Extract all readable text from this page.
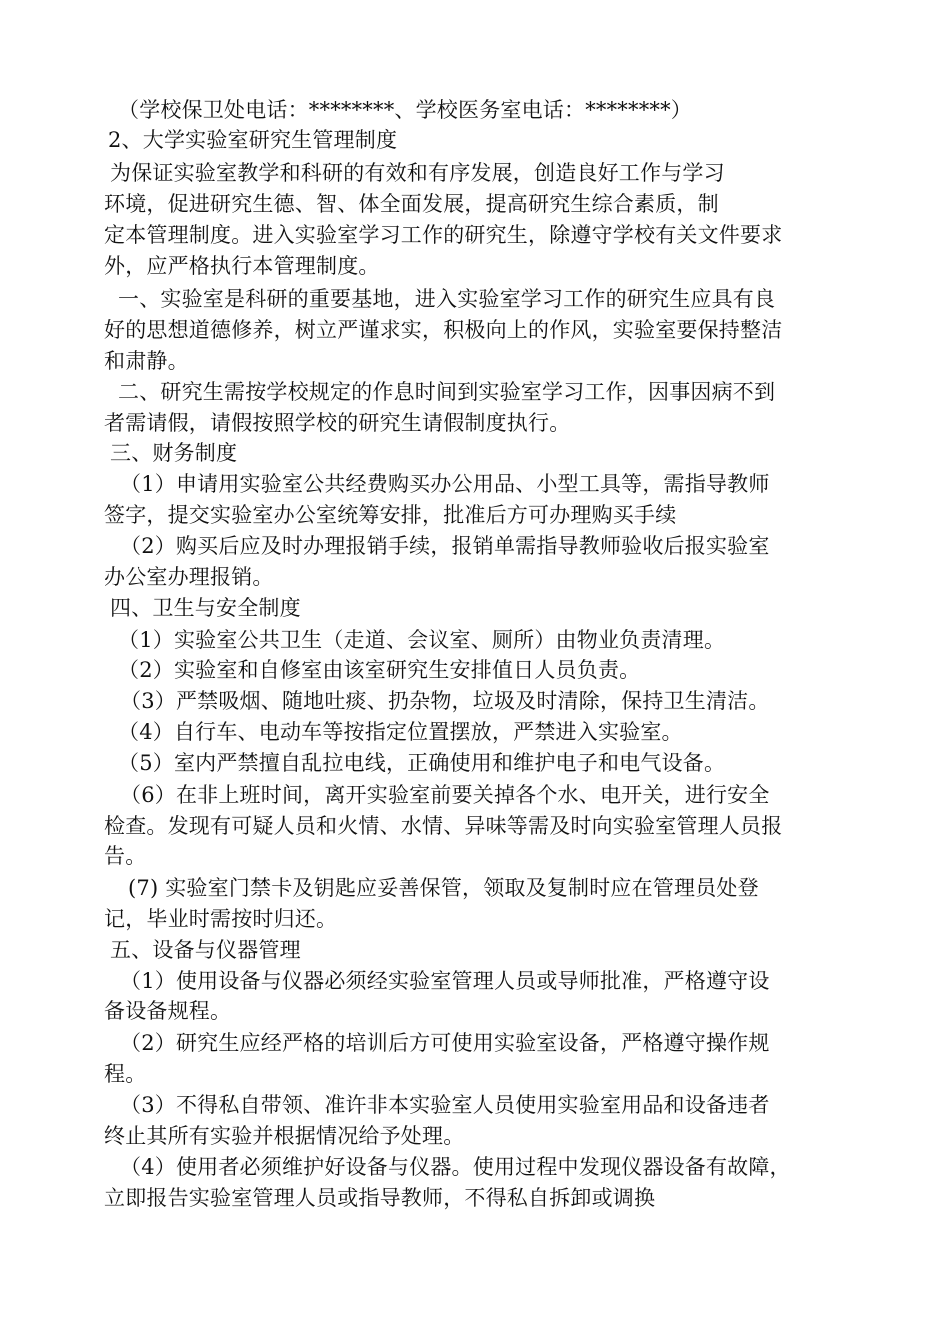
（学校保卫处电话：********、学校医务室电话：********）
2、大学实验室研究生管理制度
为保证实验室教学和科研的有效和有序发展，创造良好工作与学习
环境，促进研究生德、智、体全面发展，提高研究生综合素质，制
定本管理制度。进入实验室学习工作的研究生，除遵守学校有关文件要求
外，应严格执行本管理制度。
一、实验室是科研的重要基地，进入实验室学习工作的研究生应具有良
好的思想道德修养，树立严谨求实，积极向上的作风，实验室要保持整洁
和肃静。
二、研究生需按学校规定的作息时间到实验室学习工作，因事因病不到
者需请假，请假按照学校的研究生请假制度执行。
三、财务制度
（1）申请用实验室公共经费购买办公用品、小型工具等，需指导教师
签字，提交实验室办公室统筹安排，批准后方可办理购买手续
（2）购买后应及时办理报销手续，报销单需指导教师验收后报实验室
办公室办理报销。
四、卫生与安全制度
（1）实验室公共卫生（走道、会议室、厕所）由物业负责清理。
（2）实验室和自修室由该室研究生安排值日人员负责。
（3）严禁吸烟、随地吐痰、扔杂物，垃圾及时清除，保持卫生清洁。
（4）自行车、电动车等按指定位置摆放，严禁进入实验室。
（5）室内严禁擅自乱拉电线，正确使用和维护电子和电气设备。
（6）在非上班时间，离开实验室前要关掉各个水、电开关，进行安全
检查。发现有可疑人员和火情、水情、异味等需及时向实验室管理人员报
告。
(7) 实验室门禁卡及钥匙应妥善保管，领取及复制时应在管理员处登
记，毕业时需按时归还。
五、设备与仪器管理
（1）使用设备与仪器必须经实验室管理人员或导师批准，严格遵守设
备设备规程。
（2）研究生应经严格的培训后方可使用实验室设备，严格遵守操作规
程。
（3）不得私自带领、准许非本实验室人员使用实验室用品和设备违者
终止其所有实验并根据情况给予处理。
（4）使用者必须维护好设备与仪器。使用过程中发现仪器设备有故障，
立即报告实验室管理人员或指导教师，不得私自拆卸或调换
